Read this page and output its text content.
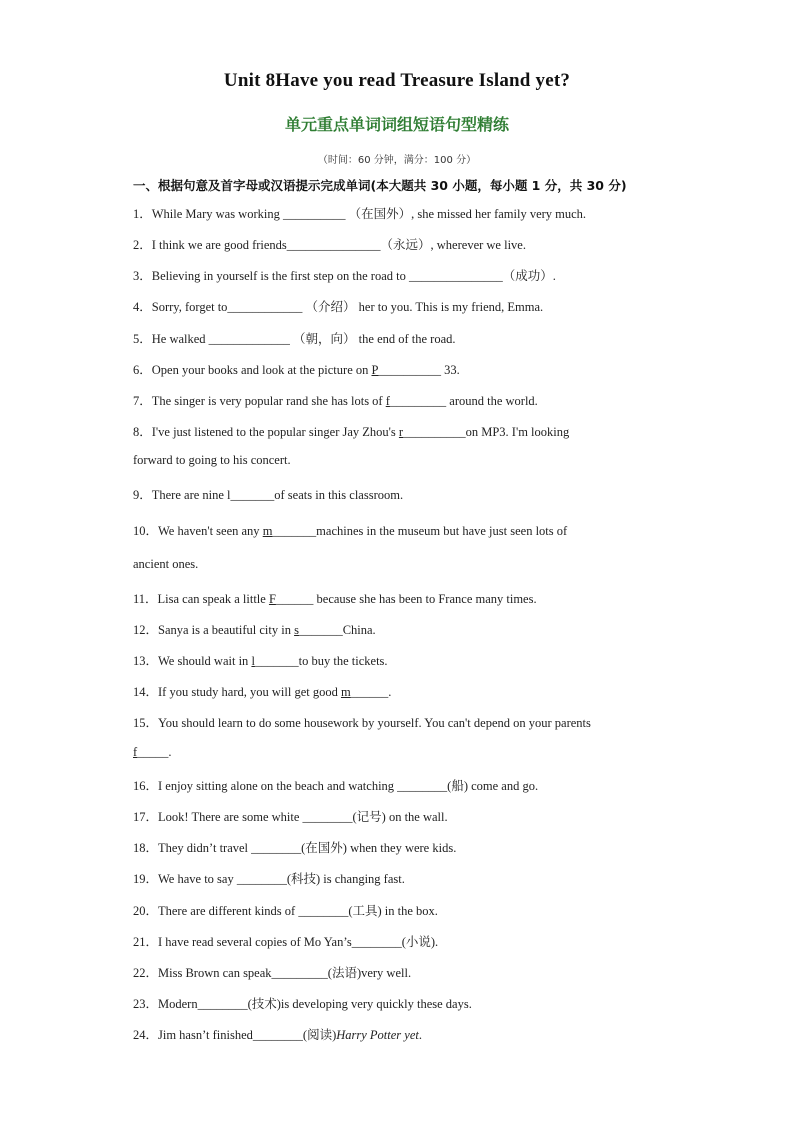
Unit 8Have you read Treasure Island yet?
单元重点单词词组短语句型精练
（时间：60 分钟，满分：100 分）
一、根据句意及首字母或汉语提示完成单词(本大题共 30 小题，每小题 1 分，共 30 分)
1．While Mary was working __________ （在国外）, she missed her family very much.
2．I think we are good friends_______________（永远）, wherever we live.
3．Believing in yourself is the first step on the road to _______________（成功）.
4．Sorry, forget to____________ （介绍） her to you. This is my friend, Emma.
5．He walked _____________ （朝，向） the end of the road.
6．Open your books and look at the picture on P__________ 33.
7．The singer is very popular rand she has lots of f_________ around the world.
8．I've just listened to the popular singer Jay Zhou's r__________on MP3. I'm looking
forward to going to his concert.
9．There are nine l_______of seats in this classroom.
10．We haven't seen any m_______machines in the museum but have just seen lots of
ancient ones.
11．Lisa can speak a little F______ because she has been to France many times.
12．Sanya is a beautiful city in s_______China.
13．We should wait in l_______to buy the tickets.
14．If you study hard, you will get good m______.
15．You should learn to do some housework by yourself. You can't depend on your parents
f_____.
16．I enjoy sitting alone on the beach and watching ________(船) come and go.
17．Look! There are some white ________(记号) on the wall.
18．They didn’t travel ________(在国外) when they were kids.
19．We have to say ________(科技) is changing fast.
20．There are different kinds of ________(工具) in the box.
21．I have read several copies of Mo Yan’s________(小说).
22．Miss Brown can speak_________(法语)very well.
23．Modern________(技术)is developing very quickly these days.
24．Jim hasn’t finished________(阅读)Harry Potter yet.
